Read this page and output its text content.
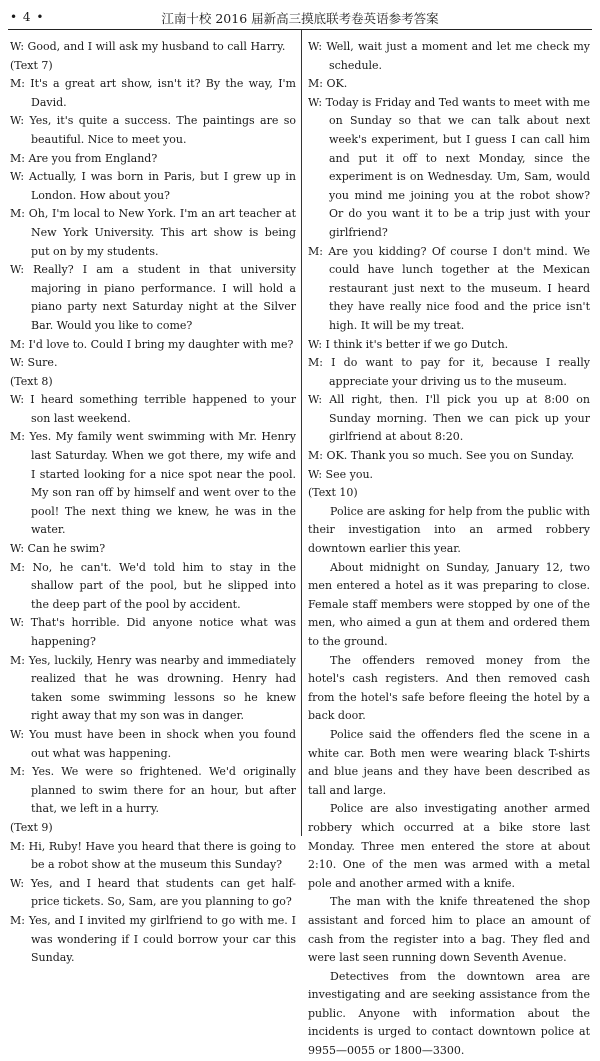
• 4 •	江南十校 2016 届新高三摸底联考卷英语参考答案

W: Good, and I will ask my husband to call Harry.

(Text 7)

M: It's a great art show, isn't it? By the way, I'm David.

W: Yes, it's quite a success. The paintings are so beautiful. Nice to meet you.

M: Are you from England?

W: Actually, I was born in Paris, but I grew up in London. How about you?

M: Oh, I'm local to New York. I'm an art teacher at New York University. This art show is being put on by my students.

W: Really? I am a student in that university majoring in piano performance. I will hold a piano party next Saturday night at the Silver Bar. Would you like to come?

M: I'd love to. Could I bring my daughter with me?

W: Sure.

(Text 8)

W: I heard something terrible happened to your son last weekend.

M: Yes. My family went swimming with Mr. Henry last Saturday. When we got there, my wife and I started looking for a nice spot near the pool. My son ran off by himself and went over to the pool! The next thing we knew, he was in the water.

W: Can he swim?

M: No, he can't. We'd told him to stay in the shallow part of the pool, but he slipped into the deep part of the pool by accident.

W: That's horrible. Did anyone notice what was happening?

M: Yes, luckily, Henry was nearby and immediately realized that he was drowning. Henry had taken some swimming lessons so he knew right away that my son was in danger.

W: You must have been in shock when you found out what was happening.

M: Yes. We were so frightened. We'd originally planned to swim there for an hour, but after that, we left in a hurry.

(Text 9)

M: Hi, Ruby! Have you heard that there is going to be a robot show at the museum this Sunday?

W: Yes, and I heard that students can get half-price tickets. So, Sam, are you planning to go?

M: Yes, and I invited my girlfriend to go with me. I was wondering if I could borrow your car this Sunday.

W: Well, wait just a moment and let me check my schedule.

M: OK.

W: Today is Friday and Ted wants to meet with me on Sunday so that we can talk about next week's experiment, but I guess I can call him and put it off to next Monday, since the experiment is on Wednesday. Um, Sam, would you mind me joining you at the robot show? Or do you want it to be a trip just with your girlfriend?

M: Are you kidding? Of course I don't mind. We could have lunch together at the Mexican restaurant just next to the museum. I heard they have really nice food and the price isn't high. It will be my treat.

W: I think it's better if we go Dutch.

M: I do want to pay for it, because I really appreciate your driving us to the museum.

W: All right, then. I'll pick you up at 8:00 on Sunday morning. Then we can pick up your girlfriend at about 8:20.

M: OK. Thank you so much. See you on Sunday.

W: See you.

(Text 10)

Police are asking for help from the public with their investigation into an armed robbery downtown earlier this year.

About midnight on Sunday, January 12, two men entered a hotel as it was preparing to close. Female staff members were stopped by one of the men, who aimed a gun at them and ordered them to the ground.

The offenders removed money from the hotel's cash registers. And then removed cash from the hotel's safe before fleeing the hotel by a back door.

Police said the offenders fled the scene in a white car. Both men were wearing black T-shirts and blue jeans and they have been described as tall and large.

Police are also investigating another armed robbery which occurred at a bike store last Monday. Three men entered the store at about 2:10. One of the men was armed with a metal pole and another armed with a knife.

The man with the knife threatened the shop assistant and forced him to place an amount of cash from the register into a bag. They fled and were last seen running down Seventh Avenue.

Detectives from the downtown area are investigating and are seeking assistance from the public. Anyone with information about the incidents is urged to contact downtown police at 9955—0055 or 1800—3300.
